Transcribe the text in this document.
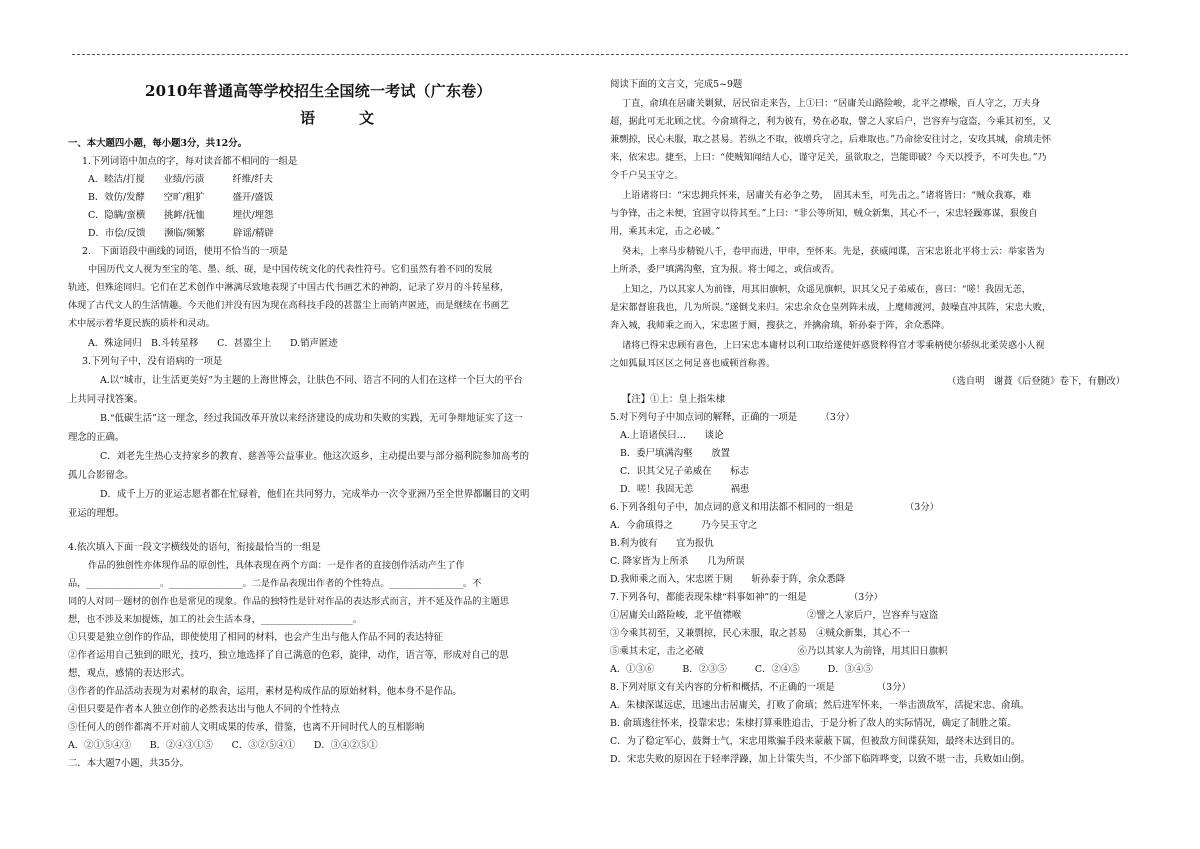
2010年普通高等学校招生全国统一考试（广东卷）
语	文
一、本大题四小题，每小题3分，共12分。
1.下列词语中加点的字，每对读音都不相同的一组是
A．睦洁/打搅　　业绩/污渍　　　纤维/纤夫
B．效仿/发酵　　空旷/粗犷　　　盛开/盛饭
C．隐瞒/蛮横　　挑衅/抚恤　　　埋伏/埋怨
D．市侩/反馈　　濒临/频繁　　　辟谣/精辟
2.　下面语段中画线的词语，使用不恰当的一项是
中国历代文人视为至宝的笔、墨、纸、砚，是中国传统文化的代表性符号。它们虽然有着不同的发展
轨迹，但殊途同归。它们在艺术创作中淋漓尽致地表现了中国古代书画艺术的神韵，记录了岁月的斗转星移，
体现了古代文人的生活情趣。今天他们并没有因为现在高科技手段的甚嚣尘上而销声匿迹，而是继续在书画艺
术中展示着华夏民族的质朴和灵动。
A．殊途同归　B.斗转星移　　C．甚嚣尘上　　D.销声匿迹
3.下列句子中，没有语病的一项是
A.以“城市，让生活更美好”为主题的上海世博会，让肤色不同、语言不同的人们在这样一个巨大的平台
上共同寻找答案。
B.“低碳生活”这一理念，经过我国改革开放以来经济建设的成功和失败的实践，无可争辩地证实了这一
理念的正确。
C．刘老先生热心支持家乡的教育、慈善等公益事业。他这次返乡，主动提出要与部分福利院参加高考的
孤儿合影留念。
D．成千上万的亚运志愿者都在忙碌着，他们在共同努力，完成举办一次令亚洲乃至全世界都瞩目的文明
亚运的理想。
4.依次填入下面一段文字横线处的语句，衔接最恰当的一组是
作品的独创性亦体现作品的原创性，具体表现在两个方面：一是作者的直接创作活动产生了作
品，________________。________________。二是作品表现出作者的个性特点。________________。不
同的人对同一题材的创作也是常见的现象。作品的独特性是针对作品的表达形式而言，并不延及作品的主题思
想，也不涉及来加提炼，加工的社会生活本身，____________________。
①只要是独立创作的作品，即使使用了相同的材料，也会产生出与他人作品不同的表达特征
②作者运用自己独到的眼光，技巧，独立地选择了自己满意的色彩，旋律，动作，语言等，形成对自己的思
想，观点，感情的表达形式。
③作者的作品活动表现为对素材的取舍，运用，素材是构成作品的原始材料，他本身不是作品。
④但只要是作者本人独立创作的必然表达出与他人不同的个性特点
⑤任何人的创作都离不开对前人文明成果的传承，借鉴，也离不开同时代人的互相影响
A．②①⑤④③　　B．②④③①⑤　　C．③②⑤④①　　D．③④②⑤①
二．本大题7小题，共35分。
阅读下面的文言文，完成5~9题
丁直，俞瑱在居庸关剿狱，居民宿走来告，上①曰：“居庸关山路险峻，北平之襟喉，百人守之，万夫身
超，据此可无北顾之忧。今俞瑱得之，利为彼有，势在必取，譬之人家后户，岂容弃与寇盗，今乘其初至，又
兼剽掠，民心未服，取之甚易。若纵之不取，彼增兵守之，后难取也。”乃命徐安往讨之，安攻其城，俞瑱走怀
来，依宋忠。捷至，上曰：“使贼知闻结人心，谨守足关，虽欲取之，岂能即破？今天以授予，不可失也。”乃
令千户吴玉守之。
上语诸将曰：“宋忠拥兵怀来，居庸关有必争之势，　固其未至，可先击之。”诸将皆曰：“贼众我寡，难
与争锋，击之未便，宜固守以待其至。”上曰：“非公等所知，贼众新集，其心不一，宋忠轻躁寡谋，狠俊自
用，乘其未定，击之必破。”
癸未，上率马步精锐八千，卷甲而进，甲申，至怀来。先是，获威闻谍，言宋忠诳北平将士云：举家皆为
上所杀，委尸填满沟壑，宜为报。将士闻之，或信或否。
上知之，乃以其家人为前锋，用其旧旗帜，众遥见旗帜，识其父兄子弟威在，喜曰：“嗟！我固无恙，
是宋都督诳我也，几为所误。”遂倒戈来归。宋忠余众仓皇列阵未成，上麾师渡河，鼓噪直冲其阵，宋忠大败，
奔入城，我师乘之而入，宋忠匿于厕，搜获之，并擒俞瑱，斩孙泰于阵，余众悉降。
诸将已得宋忠顾有喜色，上曰宋忠本庸材以利口取给遂使奸惑贤粹得官才零乘柄使尔骄纵北柔荧惑小人视
之如狐鼠耳区区之何足喜也威顿首称善。
（选自明　谢蕡《后登随》卷下，有删改）
【注】①上：皇上指朱棣
5.对下列句子中加点词的解释，正确的一项是　　　（3分）
A.上语诸侯曰…　　谈论
B．委尸填满沟壑　　放置
C．识其父兄子弟威在　　标志
D．嗟！我固无恙　　　　祸患
6.下列各组句子中，加点词的意义和用法都不相同的一组是　　　　　　（3分）
A．今俞瑱得之　　　乃今吴玉守之
B.利为彼有　　宜为报仇
C. 降家皆为上所杀　　几为所误
D.我师乘之而入，宋忠匿于厕　　斩孙泰于阵，余众悉降
7.下列各句，都能表现朱棣“料事如神”的一组是　　　　　（3分）
①居庸关山路险峻，北平值襟喉　　　　　　　②譬之人家后户，岂容弃与寇盗
③今乘其初至，又兼剽掠，民心未服，取之甚易　④贼众新集，其心不一
⑤乘其未定，击之必破　　　　　　　　　　⑥乃以其家人为前锋，用其旧日旗帜
A．①③⑥　　　B．②③⑤　　　C．②④⑤　　　D．③④⑤
8.下列对原文有关内容的分析和概括，不正确的一项是　　　　　（3分）
A．朱棣深谋远虑，迅速出击居庸关，打败了俞瑱；然后进军怀来，一举击溃敌军，活捉宋忠、俞瑱。
B. 俞瑱逃往怀来，投靠宋忠；朱棣打算乘胜追击，于是分析了敌人的实际情况，确定了制胜之策。
C．为了稳定军心，鼓舞士气，宋忠用欺骗手段来蒙蔽下属，但被敌方间谍获知，最终未达到目的。
D．宋忠失败的原因在于轻率浮躁，加上计策失当，不少部下临阵哗变，以致不堪一击，兵败如山倒。
